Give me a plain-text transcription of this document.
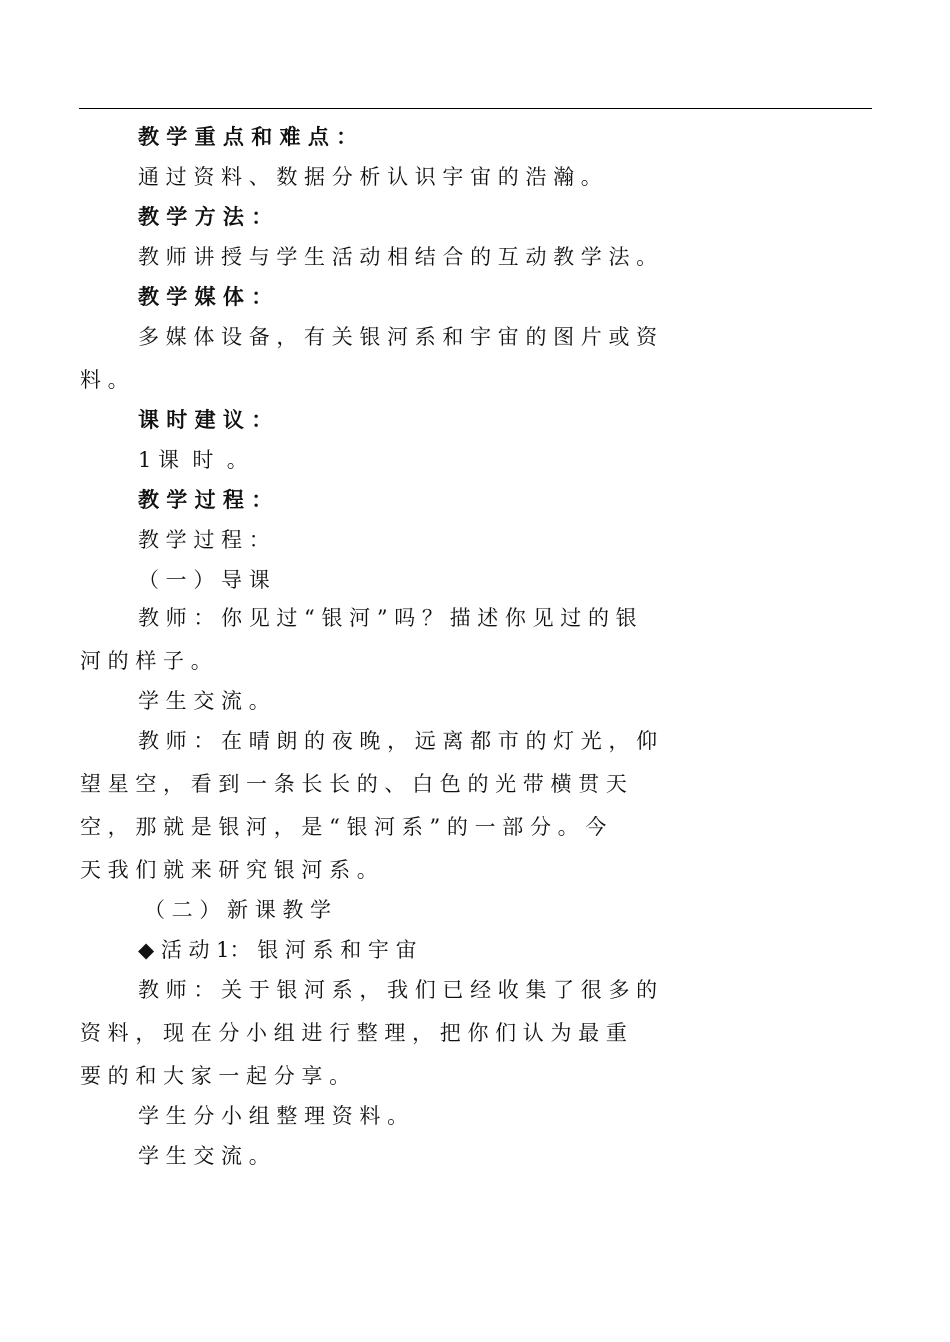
教 学 重 点 和 难 点 ：
通 过 资 料 、 数 据 分 析 认 识 宇 宙 的 浩 瀚 。
教 学 方 法 ：
教 师 讲 授 与 学 生 活 动 相 结 合 的 互 动 教 学 法 。
教 学 媒 体 ：
多 媒 体 设 备 ， 有 关 银 河 系 和 宇 宙 的 图 片 或 资
料 。
课 时 建 议 ：
1 课  时  。
教 学 过 程 ：
教 学 过 程 ：
（ 一 ） 导 课
教 师 ： 你 见 过 “ 银 河 ” 吗 ？ 描 述 你 见 过 的 银
河 的 样 子 。
学 生 交 流 。
教 师 ： 在 晴 朗 的 夜 晚 ， 远 离 都 市 的 灯 光 ， 仰
望 星 空 ， 看 到 一 条 长 长 的 、 白 色 的 光 带 横 贯 天
空 ， 那 就 是 银 河 ， 是 “ 银 河 系 ” 的 一 部 分 。 今
天 我 们 就 来 研 究 银 河 系 。
（ 二 ） 新 课 教 学
◆ 活 动 1： 银 河 系 和 宇 宙
教 师 ： 关 于 银 河 系 ， 我 们 已 经 收 集 了 很 多 的
资 料 ， 现 在 分 小 组 进 行 整 理 ， 把 你 们 认 为 最 重
要 的 和 大 家 一 起 分 享 。
学 生 分 小 组 整 理 资 料 。
学 生 交 流 。
